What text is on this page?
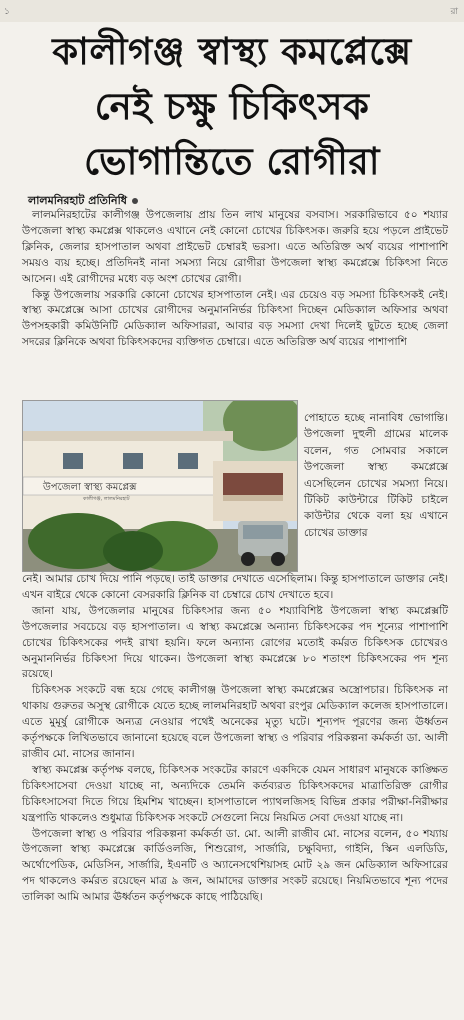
১	রা
কালীগঞ্জ স্বাস্থ্য কমপ্লেক্সে
নেই চক্ষু চিকিৎসক
ভোগান্তিতে রোগীরা
লালমনিরহাট প্রতিনিধি

লালমনিরহাটের কালীগঞ্জ উপজেলায় প্রায় তিন লাখ মানুষের বসবাস। সরকারিভাবে ৫০ শয্যার উপজেলা স্বাস্থ্য কমপ্লেক্স থাকলেও এখানে নেই কোনো চোখের চিকিৎসক। জরুরি হয়ে পড়লে প্রাইভেট ক্লিনিক, জেলার হাসপাতাল অথবা প্রাইভেট চেম্বারই ভরসা। এতে অতিরিক্ত অর্থ ব্যয়ের পাশাপাশি সময়ও ব্যয় হচ্ছে। প্রতিদিনই নানা সমস্যা নিয়ে রোগীরা উপজেলা স্বাস্থ্য কমপ্লেক্সে চিকিৎসা নিতে আসেন। এই রোগীদের মধ্যে বড় অংশ চোখের রোগী।

কিন্তু উপজেলায় সরকারি কোনো চোখের হাসপাতাল নেই। এর চেয়েও বড় সমস্যা চিকিৎসকই নেই। স্বাস্থ্য কমপ্লেক্সে আসা চোখের রোগীদের অনুমাননির্ভর চিকিৎসা দিচ্ছেন মেডিক্যাল অফিসার অথবা উপসহকারী কমিউনিটি মেডিক্যাল অফিসাররা, আবার বড় সমস্যা দেখা দিলেই ছুটতে হচ্ছে জেলা সদরের ক্লিনিকে অথবা চিকিৎসকদের ব্যক্তিগত চেম্বারে। এতে অতিরিক্ত অর্থ ব্যয়ের পাশাপাশি

উপজেলা স্বাস্থ্য কমপ্লেক্স
কালীগঞ্জ, লালমনিরহাট
পোহাতে হচ্ছে নানাবিধ ভোগান্তি। উপজেলা দুহুলী গ্রামের মালেক বলেন, গত সোমবার সকালে উপজেলা স্বাস্থ্য কমপ্লেক্সে এসেছিলেন চোখের সমস্যা নিয়ে। টিকিট কাউন্টারে টিকিট চাইলে কাউন্টার থেকে বলা হয় এখানে চোখের ডাক্তার

নেই। আমার চোখ দিয়ে পানি পড়ছে। তাই ডাক্তার দেখাতে এসেছিলাম। কিন্তু হাসপাতালে ডাক্তার নেই। এখন বাইরে থেকে কোনো বেসরকারি ক্লিনিক বা চেম্বারে চোখ দেখাতে হবে।

জানা যায়, উপজেলার মানুষের চিকিৎসার জন্য ৫০ শয্যাবিশিষ্ট উপজেলা স্বাস্থ্য কমপ্লেক্সটি উপজেলার সবচেয়ে বড় হাসপাতাল। এ স্বাস্থ্য কমপ্লেক্সে অন্যান্য চিকিৎসকের পদ শূন্যের পাশাপাশি চোখের চিকিৎসকের পদই রাখা হয়নি। ফলে অন্যান্য রোগের মতোই কর্মরত চিকিৎসক চোখেরও অনুমাননির্ভর চিকিৎসা দিয়ে থাকেন। উপজেলা স্বাস্থ্য কমপ্লেক্সে ৮০ শতাংশ চিকিৎসকের পদ শূন্য রয়েছে।

চিকিৎসক সংকটে বন্ধ হয়ে গেছে কালীগঞ্জ উপজেলা স্বাস্থ্য কমপ্লেক্সের অস্ত্রোপচার। চিকিৎসক না থাকায় গুরুতর অসুস্থ রোগীকে যেতে হচ্ছে লালমনিরহাট অথবা রংপুর মেডিক্যাল কলেজ হাসপাতালে। এতে মুমূর্ষু রোগীকে অন্যত্র নেওয়ার পথেই অনেকের মৃত্যু ঘটে। শূন্যপদ পূরণের জন্য ঊর্ধ্বতন কর্তৃপক্ষকে লিখিতভাবে জানানো হয়েছে বলে উপজেলা স্বাস্থ্য ও পরিবার পরিকল্পনা কর্মকর্তা ডা. আলী রাজীব মো. নাসের জানান।

স্বাস্থ্য কমপ্লেক্স কর্তৃপক্ষ বলছে, চিকিৎসক সংকটের কারণে একদিকে যেমন সাধারণ মানুষকে কাঙ্ক্ষিত চিকিৎসাসেবা দেওয়া যাচ্ছে না, অন্যদিকে তেমনি কর্তব্যরত চিকিৎসকদের মাত্রাতিরিক্ত রোগীর চিকিৎসাসেবা দিতে গিয়ে হিমশিম খাচ্ছেন। হাসপাতালে প্যাথলজিসহ বিভিন্ন প্রকার পরীক্ষা-নিরীক্ষার যন্ত্রপাতি থাকলেও শুধুমাত্র চিকিৎসক সংকটে সেগুলো নিয়ে নিয়মিত সেবা দেওয়া যাচ্ছে না।

উপজেলা স্বাস্থ্য ও পরিবার পরিকল্পনা কর্মকর্তা ডা. মো. আলী রাজীব মো. নাসের বলেন, ৫০ শয্যায় উপজেলা স্বাস্থ্য কমপ্লেক্সে কার্ডিওলজি, শিশুরোগ, সার্জারি, চক্ষুবিদ্যা, গাইনি, স্কিন এলডিডি, অর্থোপেডিক, মেডিসিন, সার্জারি, ইএনটি ও অ্যানেসথেশিয়াসহ মোট ২৯ জন মেডিক্যাল অফিসারের পদ থাকলেও কর্মরত রয়েছেন মাত্র ৯ জন, আমাদের ডাক্তার সংকট রয়েছে। নিয়মিতভাবে শূন্য পদের তালিকা আমি আমার ঊর্ধ্বতন কর্তৃপক্ষকে কাছে পাঠিয়েছি।
